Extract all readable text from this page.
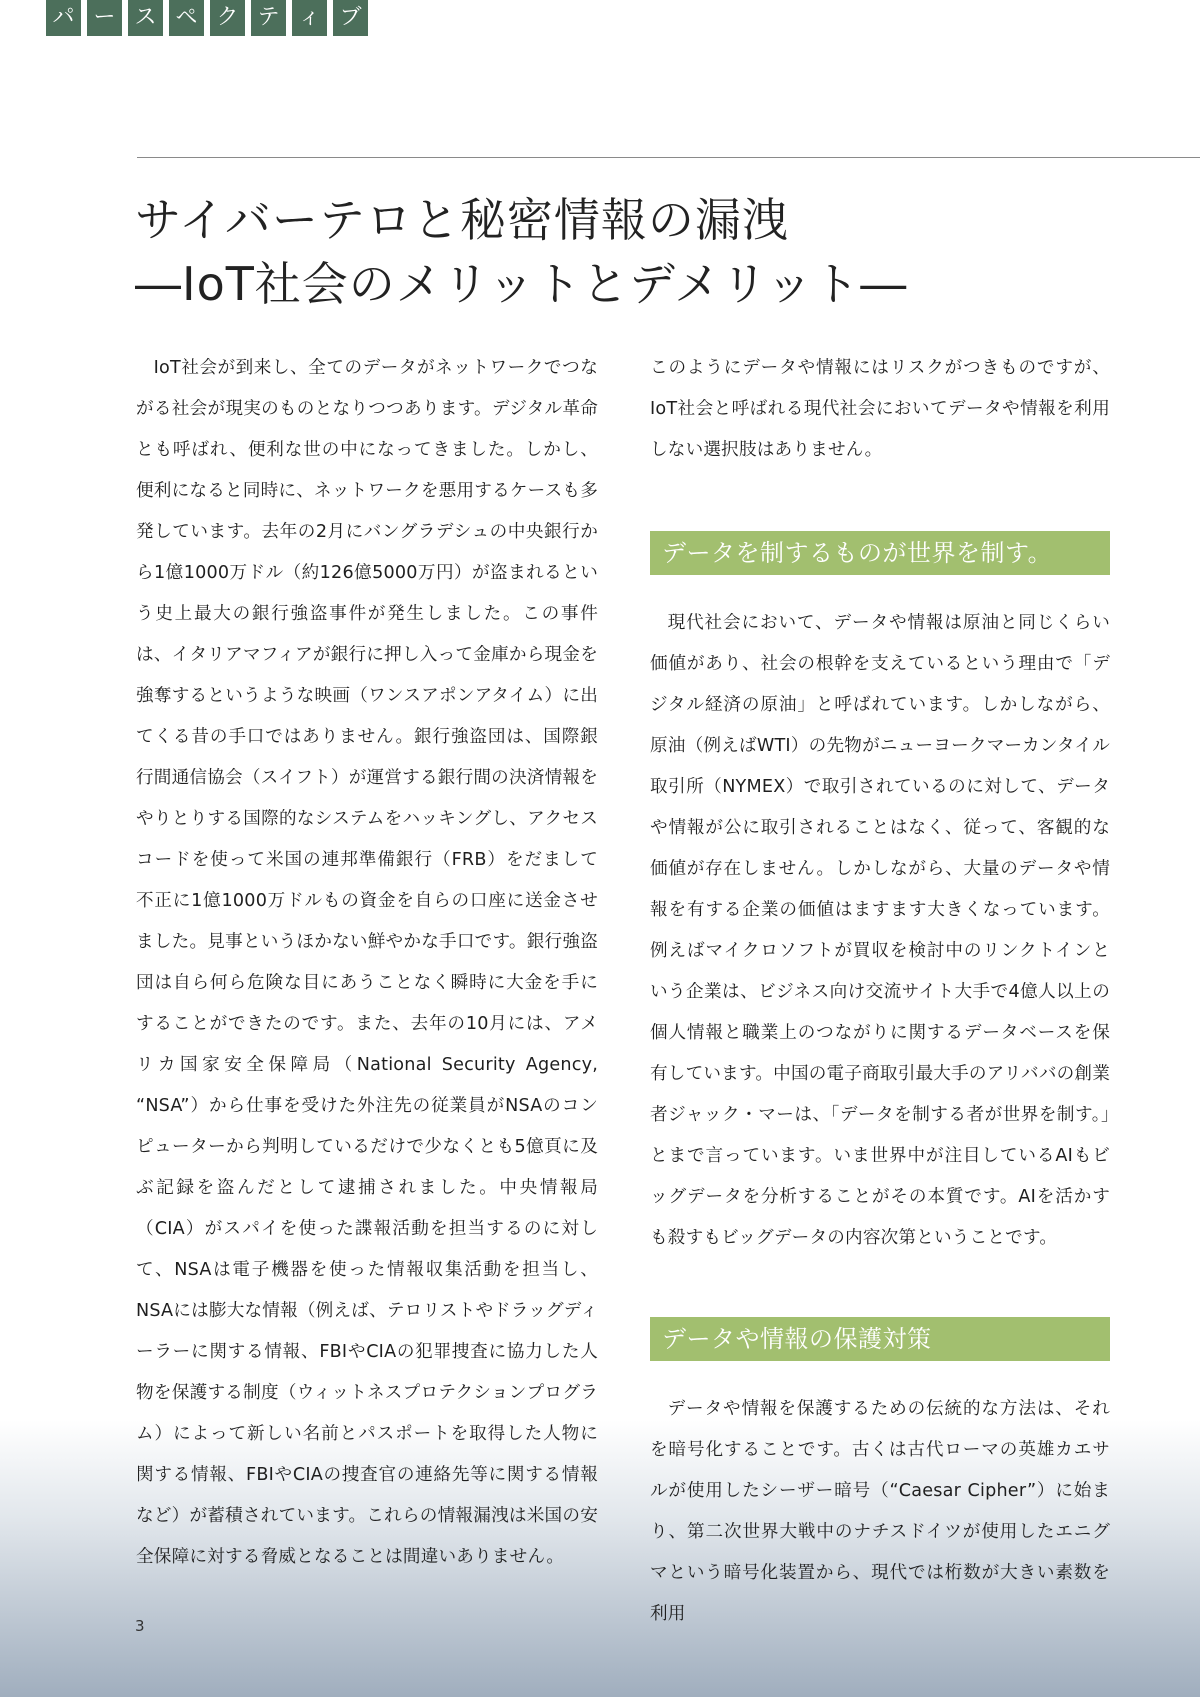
パ ー ス ペ ク テ ィ ブ
サイバーテロと秘密情報の漏洩
―IoT社会のメリットとデメリット―

IoT社会が到来し、全てのデータがネットワークでつながる社会が現実のものとなりつつあります。デジタル革命とも呼ばれ、便利な世の中になってきました。しかし、便利になると同時に、ネットワークを悪用するケースも多発しています。去年の2月にバングラデシュの中央銀行から1億1000万ドル（約126億5000万円）が盗まれるという史上最大の銀行強盗事件が発生しました。この事件は、イタリアマフィアが銀行に押し入って金庫から現金を強奪するというような映画（ワンスアポンアタイム）に出てくる昔の手口ではありません。銀行強盗団は、国際銀行間通信協会（スイフト）が運営する銀行間の決済情報をやりとりする国際的なシステムをハッキングし、アクセスコードを使って米国の連邦準備銀行（FRB）をだまして不正に1億1000万ドルもの資金を自らの口座に送金させました。見事というほかない鮮やかな手口です。銀行強盗団は自ら何ら危険な目にあうことなく瞬時に大金を手にすることができたのです。また、去年の10月には、アメリカ国家安全保障局（National Security Agency, “NSA”）から仕事を受けた外注先の従業員がNSAのコンピューターから判明しているだけで少なくとも5億頁に及ぶ記録を盗んだとして逮捕されました。中央情報局（CIA）がスパイを使った諜報活動を担当するのに対して、NSAは電子機器を使った情報収集活動を担当し、NSAには膨大な情報（例えば、テロリストやドラッグディーラーに関する情報、FBIやCIAの犯罪捜査に協力した人物を保護する制度（ウィットネスプロテクションプログラム）によって新しい名前とパスポートを取得した人物に関する情報、FBIやCIAの捜査官の連絡先等に関する情報など）が蓄積されています。これらの情報漏洩は米国の安全保障に対する脅威となることは間違いありません。

このようにデータや情報にはリスクがつきものですが、IoT社会と呼ばれる現代社会においてデータや情報を利用しない選択肢はありません。

データを制するものが世界を制す。

現代社会において、データや情報は原油と同じくらい価値があり、社会の根幹を支えているという理由で「デジタル経済の原油」と呼ばれています。しかしながら、原油（例えばWTI）の先物がニューヨークマーカンタイル取引所（NYMEX）で取引されているのに対して、データや情報が公に取引されることはなく、従って、客観的な価値が存在しません。しかしながら、大量のデータや情報を有する企業の価値はますます大きくなっています。例えばマイクロソフトが買収を検討中のリンクトインという企業は、ビジネス向け交流サイト大手で4億人以上の個人情報と職業上のつながりに関するデータベースを保有しています。中国の電子商取引最大手のアリババの創業者ジャック・マーは、「データを制する者が世界を制す。」とまで言っています。いま世界中が注目しているAIもビッグデータを分析することがその本質です。AIを活かすも殺すもビッグデータの内容次第ということです。

データや情報の保護対策

データや情報を保護するための伝統的な方法は、それを暗号化することです。古くは古代ローマの英雄カエサルが使用したシーザー暗号（“Caesar Cipher”）に始まり、第二次世界大戦中のナチスドイツが使用したエニグマという暗号化装置から、現代では桁数が大きい素数を利用

3
